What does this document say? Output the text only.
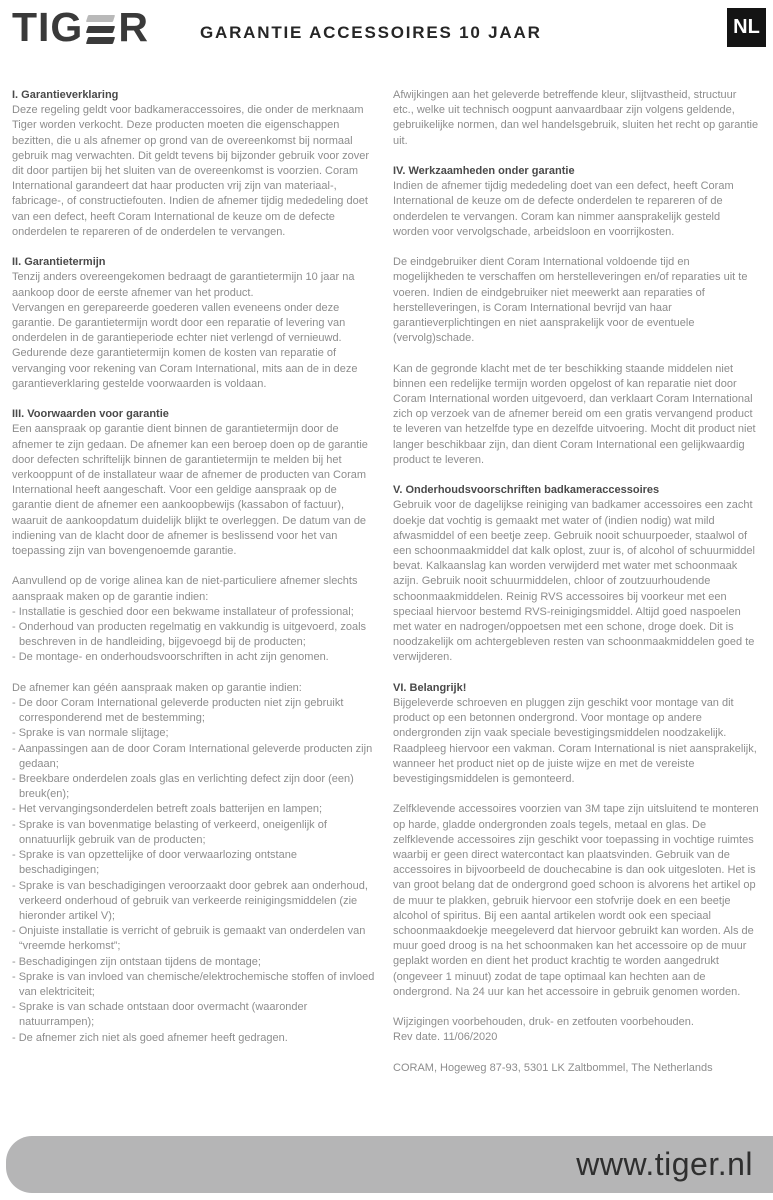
TIG R	GARANTIE ACCESSOIRES 10 JAAR	NL
I. Garantieverklaring

Deze regeling geldt voor badkameraccessoires, die onder de merknaam Tiger worden verkocht. Deze producten moeten die eigenschappen bezitten, die u als afnemer op grond van de overeenkomst bij normaal gebruik mag verwachten. Dit geldt tevens bij bijzonder gebruik voor zover dit door partijen bij het sluiten van de overeenkomst is voorzien. Coram International garandeert dat haar producten vrij zijn van materiaal-, fabricage-, of constructiefouten. Indien de afnemer tijdig mededeling doet van een defect, heeft Coram International de keuze om de defecte onderdelen te repareren of de onderdelen te vervangen.

II. Garantietermijn

Tenzij anders overeengekomen bedraagt de garantietermijn 10 jaar na aankoop door de eerste afnemer van het product.

Vervangen en gerepareerde goederen vallen eveneens onder deze garantie. De garantietermijn wordt door een reparatie of levering van onderdelen in de garantieperiode echter niet verlengd of vernieuwd.

Gedurende deze garantietermijn komen de kosten van reparatie of vervanging voor rekening van Coram International, mits aan de in deze garantieverklaring gestelde voorwaarden is voldaan.

III. Voorwaarden voor garantie

Een aanspraak op garantie dient binnen de garantietermijn door de afnemer te zijn gedaan. De afnemer kan een beroep doen op de garantie door defecten schriftelijk binnen de garantietermijn te melden bij het verkooppunt of de installateur waar de afnemer de producten van Coram International heeft aangeschaft. Voor een geldige aanspraak op de garantie dient de afnemer een aankoopbewijs (kassabon of factuur), waaruit de aankoopdatum duidelijk blijkt te overleggen. De datum van de indiening van de klacht door de afnemer is beslissend voor het van toepassing zijn van bovengenoemde garantie.

Aanvullend op de vorige alinea kan de niet-particuliere afnemer slechts aanspraak maken op de garantie indien:
- Installatie is geschied door een bekwame installateur of professional;
- Onderhoud van producten regelmatig en vakkundig is uitgevoerd, zoals beschreven in de handleiding, bijgevoegd bij de producten;
- De montage- en onderhoudsvoorschriften in acht zijn genomen.
De afnemer kan géén aanspraak maken op garantie indien:
- De door Coram International geleverde producten niet zijn gebruikt corresponderend met de bestemming;
- Sprake is van normale slijtage;
- Aanpassingen aan de door Coram International geleverde producten zijn gedaan;
- Breekbare onderdelen zoals glas en verlichting defect zijn door (een) breuk(en);
- Het vervangingsonderdelen betreft zoals batterijen en lampen;
- Sprake is van bovenmatige belasting of verkeerd, oneigenlijk of onnatuurlijk gebruik van de producten;
- Sprake is van opzettelijke of door verwaarlozing ontstane beschadigingen;
- Sprake is van beschadigingen veroorzaakt door gebrek aan onderhoud, verkeerd onderhoud of gebruik van verkeerde reinigingsmiddelen (zie hieronder artikel V);
- Onjuiste installatie is verricht of gebruik is gemaakt van onderdelen van “vreemde herkomst”;
- Beschadigingen zijn ontstaan tijdens de montage;
- Sprake is van invloed van chemische/elektrochemische stoffen of invloed van elektriciteit;
- Sprake is van schade ontstaan door overmacht (waaronder natuurrampen);
- De afnemer zich niet als goed afnemer heeft gedragen.

Afwijkingen aan het geleverde betreffende kleur, slijtvastheid, structuur etc., welke uit technisch oogpunt aanvaardbaar zijn volgens geldende, gebruikelijke normen, dan wel handelsgebruik, sluiten het recht op garantie uit.

IV. Werkzaamheden onder garantie

Indien de afnemer tijdig mededeling doet van een defect, heeft Coram International de keuze om de defecte onderdelen te repareren of de onderdelen te vervangen. Coram kan nimmer aansprakelijk gesteld worden voor vervolgschade, arbeidsloon en voorrijkosten.

De eindgebruiker dient Coram International voldoende tijd en mogelijkheden te verschaffen om herstelleveringen en/of reparaties uit te voeren. Indien de eindgebruiker niet meewerkt aan reparaties of herstelleveringen, is Coram International bevrijd van haar garantieverplichtingen en niet aansprakelijk voor de eventuele (vervolg)schade.

Kan de gegronde klacht met de ter beschikking staande middelen niet binnen een redelijke termijn worden opgelost of kan reparatie niet door Coram International worden uitgevoerd, dan verklaart Coram International zich op verzoek van de afnemer bereid om een gratis vervangend product te leveren van hetzelfde type en dezelfde uitvoering. Mocht dit product niet langer beschikbaar zijn, dan dient Coram International een gelijkwaardig product te leveren.

V. Onderhoudsvoorschriften badkameraccessoires

Gebruik voor de dagelijkse reiniging van badkamer accessoires een zacht doekje dat vochtig is gemaakt met water of (indien nodig) wat mild afwasmiddel of een beetje zeep. Gebruik nooit schuurpoeder, staalwol of een schoonmaakmiddel dat kalk oplost, zuur is, of alcohol of schuurmiddel bevat. Kalkaanslag kan worden verwijderd met water met schoonmaak azijn. Gebruik nooit schuurmiddelen, chloor of zoutzuurhoudende schoonmaakmiddelen. Reinig RVS accessoires bij voorkeur met een speciaal hiervoor bestemd RVS-reinigingsmiddel. Altijd goed naspoelen met water en nadrogen/oppoetsen met een schone, droge doek. Dit is noodzakelijk om achtergebleven resten van schoonmaakmiddelen goed te verwijderen.

VI. Belangrijk!

Bijgeleverde schroeven en pluggen zijn geschikt voor montage van dit product op een betonnen ondergrond. Voor montage op andere ondergronden zijn vaak speciale bevestigingsmiddelen noodzakelijk. Raadpleeg hiervoor een vakman. Coram International is niet aansprakelijk, wanneer het product niet op de juiste wijze en met de vereiste bevestigingsmiddelen is gemonteerd.

Zelfklevende accessoires voorzien van 3M tape zijn uitsluitend te monteren op harde, gladde ondergronden zoals tegels, metaal en glas. De zelfklevende accessoires zijn geschikt voor toepassing in vochtige ruimtes waarbij er geen direct watercontact kan plaatsvinden. Gebruik van de accessoires in bijvoorbeeld de douchecabine is dan ook uitgesloten. Het is van groot belang dat de ondergrond goed schoon is alvorens het artikel op de muur te plakken, gebruik hiervoor een stofvrije doek en een beetje alcohol of spiritus. Bij een aantal artikelen wordt ook een speciaal schoonmaakdoekje meegeleverd dat hiervoor gebruikt kan worden. Als de muur goed droog is na het schoonmaken kan het accessoire op de muur geplakt worden en dient het product krachtig te worden aangedrukt (ongeveer 1 minuut) zodat de tape optimaal kan hechten aan de ondergrond. Na 24 uur kan het accessoire in gebruik genomen worden.

Wijzigingen voorbehouden, druk- en zetfouten voorbehouden.

Rev date. 11/06/2020

CORAM, Hogeweg 87-93, 5301 LK Zaltbommel, The Netherlands

www.tiger.nl
